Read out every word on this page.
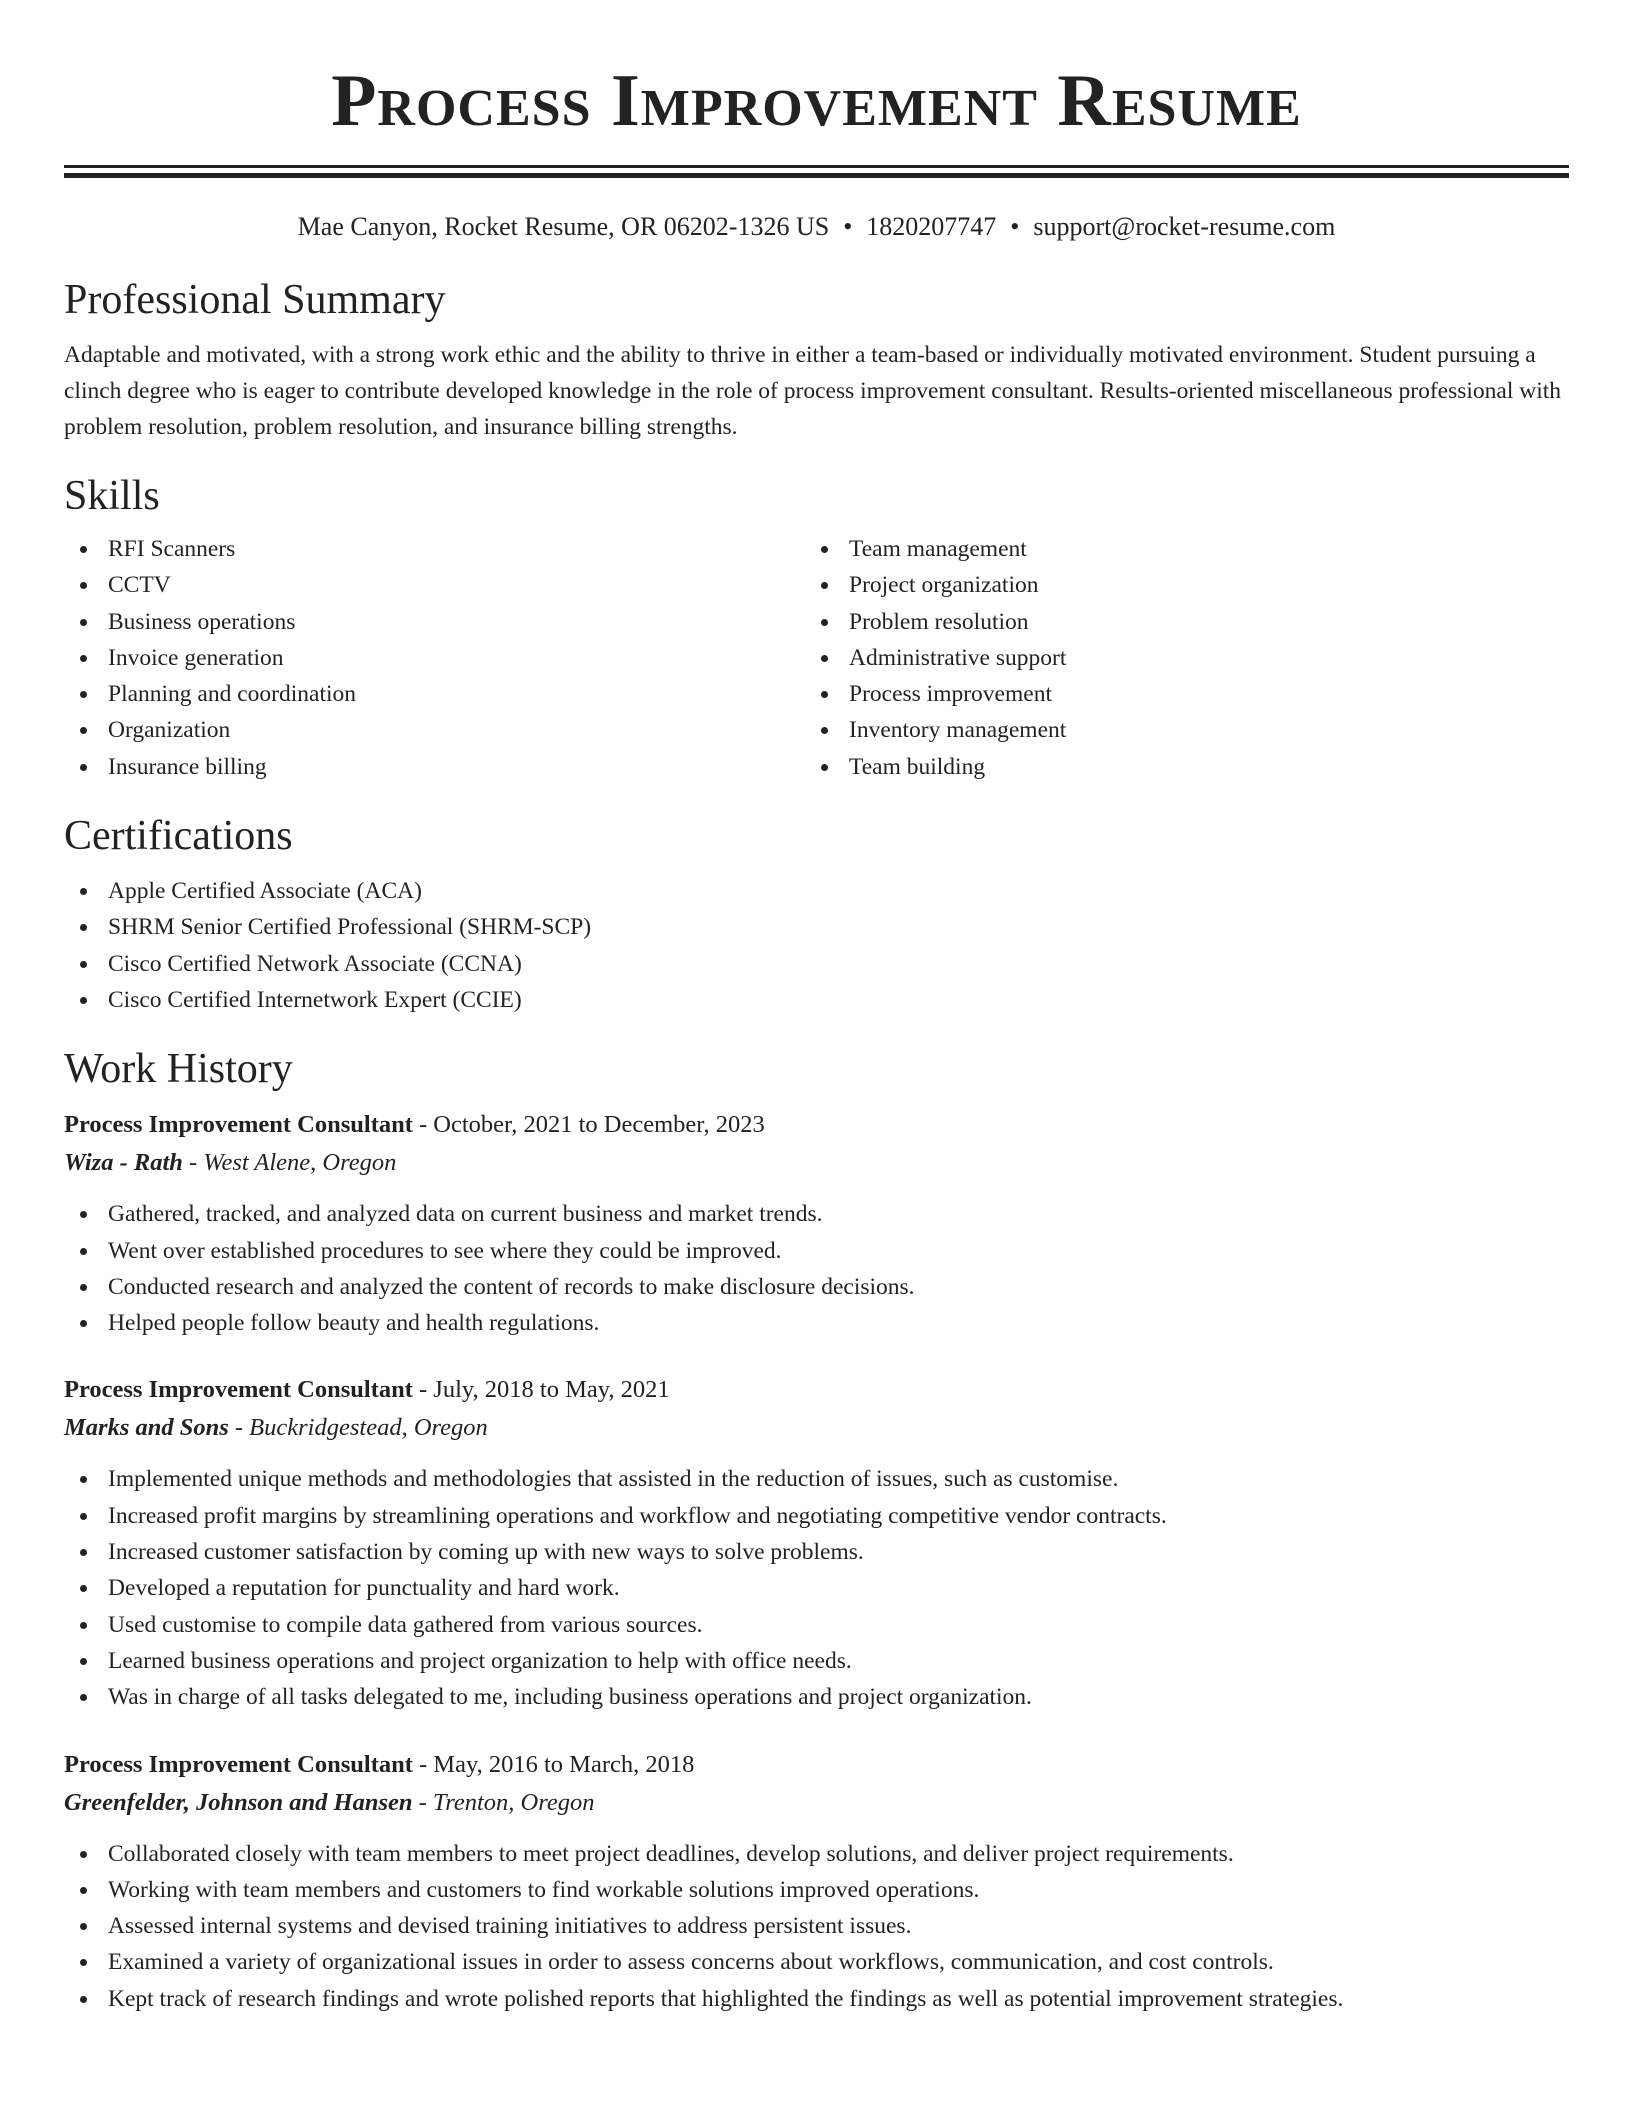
Process Improvement Resume
Mae Canyon, Rocket Resume, OR 06202-1326 US • 1820207747 • support@rocket-resume.com
Professional Summary
Adaptable and motivated, with a strong work ethic and the ability to thrive in either a team-based or individually motivated environment. Student pursuing a clinch degree who is eager to contribute developed knowledge in the role of process improvement consultant. Results-oriented miscellaneous professional with problem resolution, problem resolution, and insurance billing strengths.
Skills
RFI Scanners
CCTV
Business operations
Invoice generation
Planning and coordination
Organization
Insurance billing
Team management
Project organization
Problem resolution
Administrative support
Process improvement
Inventory management
Team building
Certifications
Apple Certified Associate (ACA)
SHRM Senior Certified Professional (SHRM-SCP)
Cisco Certified Network Associate (CCNA)
Cisco Certified Internetwork Expert (CCIE)
Work History
Process Improvement Consultant - October, 2021 to December, 2023
Wiza - Rath - West Alene, Oregon
Gathered, tracked, and analyzed data on current business and market trends.
Went over established procedures to see where they could be improved.
Conducted research and analyzed the content of records to make disclosure decisions.
Helped people follow beauty and health regulations.
Process Improvement Consultant - July, 2018 to May, 2021
Marks and Sons - Buckridgestead, Oregon
Implemented unique methods and methodologies that assisted in the reduction of issues, such as customise.
Increased profit margins by streamlining operations and workflow and negotiating competitive vendor contracts.
Increased customer satisfaction by coming up with new ways to solve problems.
Developed a reputation for punctuality and hard work.
Used customise to compile data gathered from various sources.
Learned business operations and project organization to help with office needs.
Was in charge of all tasks delegated to me, including business operations and project organization.
Process Improvement Consultant - May, 2016 to March, 2018
Greenfelder, Johnson and Hansen - Trenton, Oregon
Collaborated closely with team members to meet project deadlines, develop solutions, and deliver project requirements.
Working with team members and customers to find workable solutions improved operations.
Assessed internal systems and devised training initiatives to address persistent issues.
Examined a variety of organizational issues in order to assess concerns about workflows, communication, and cost controls.
Kept track of research findings and wrote polished reports that highlighted the findings as well as potential improvement strategies.
